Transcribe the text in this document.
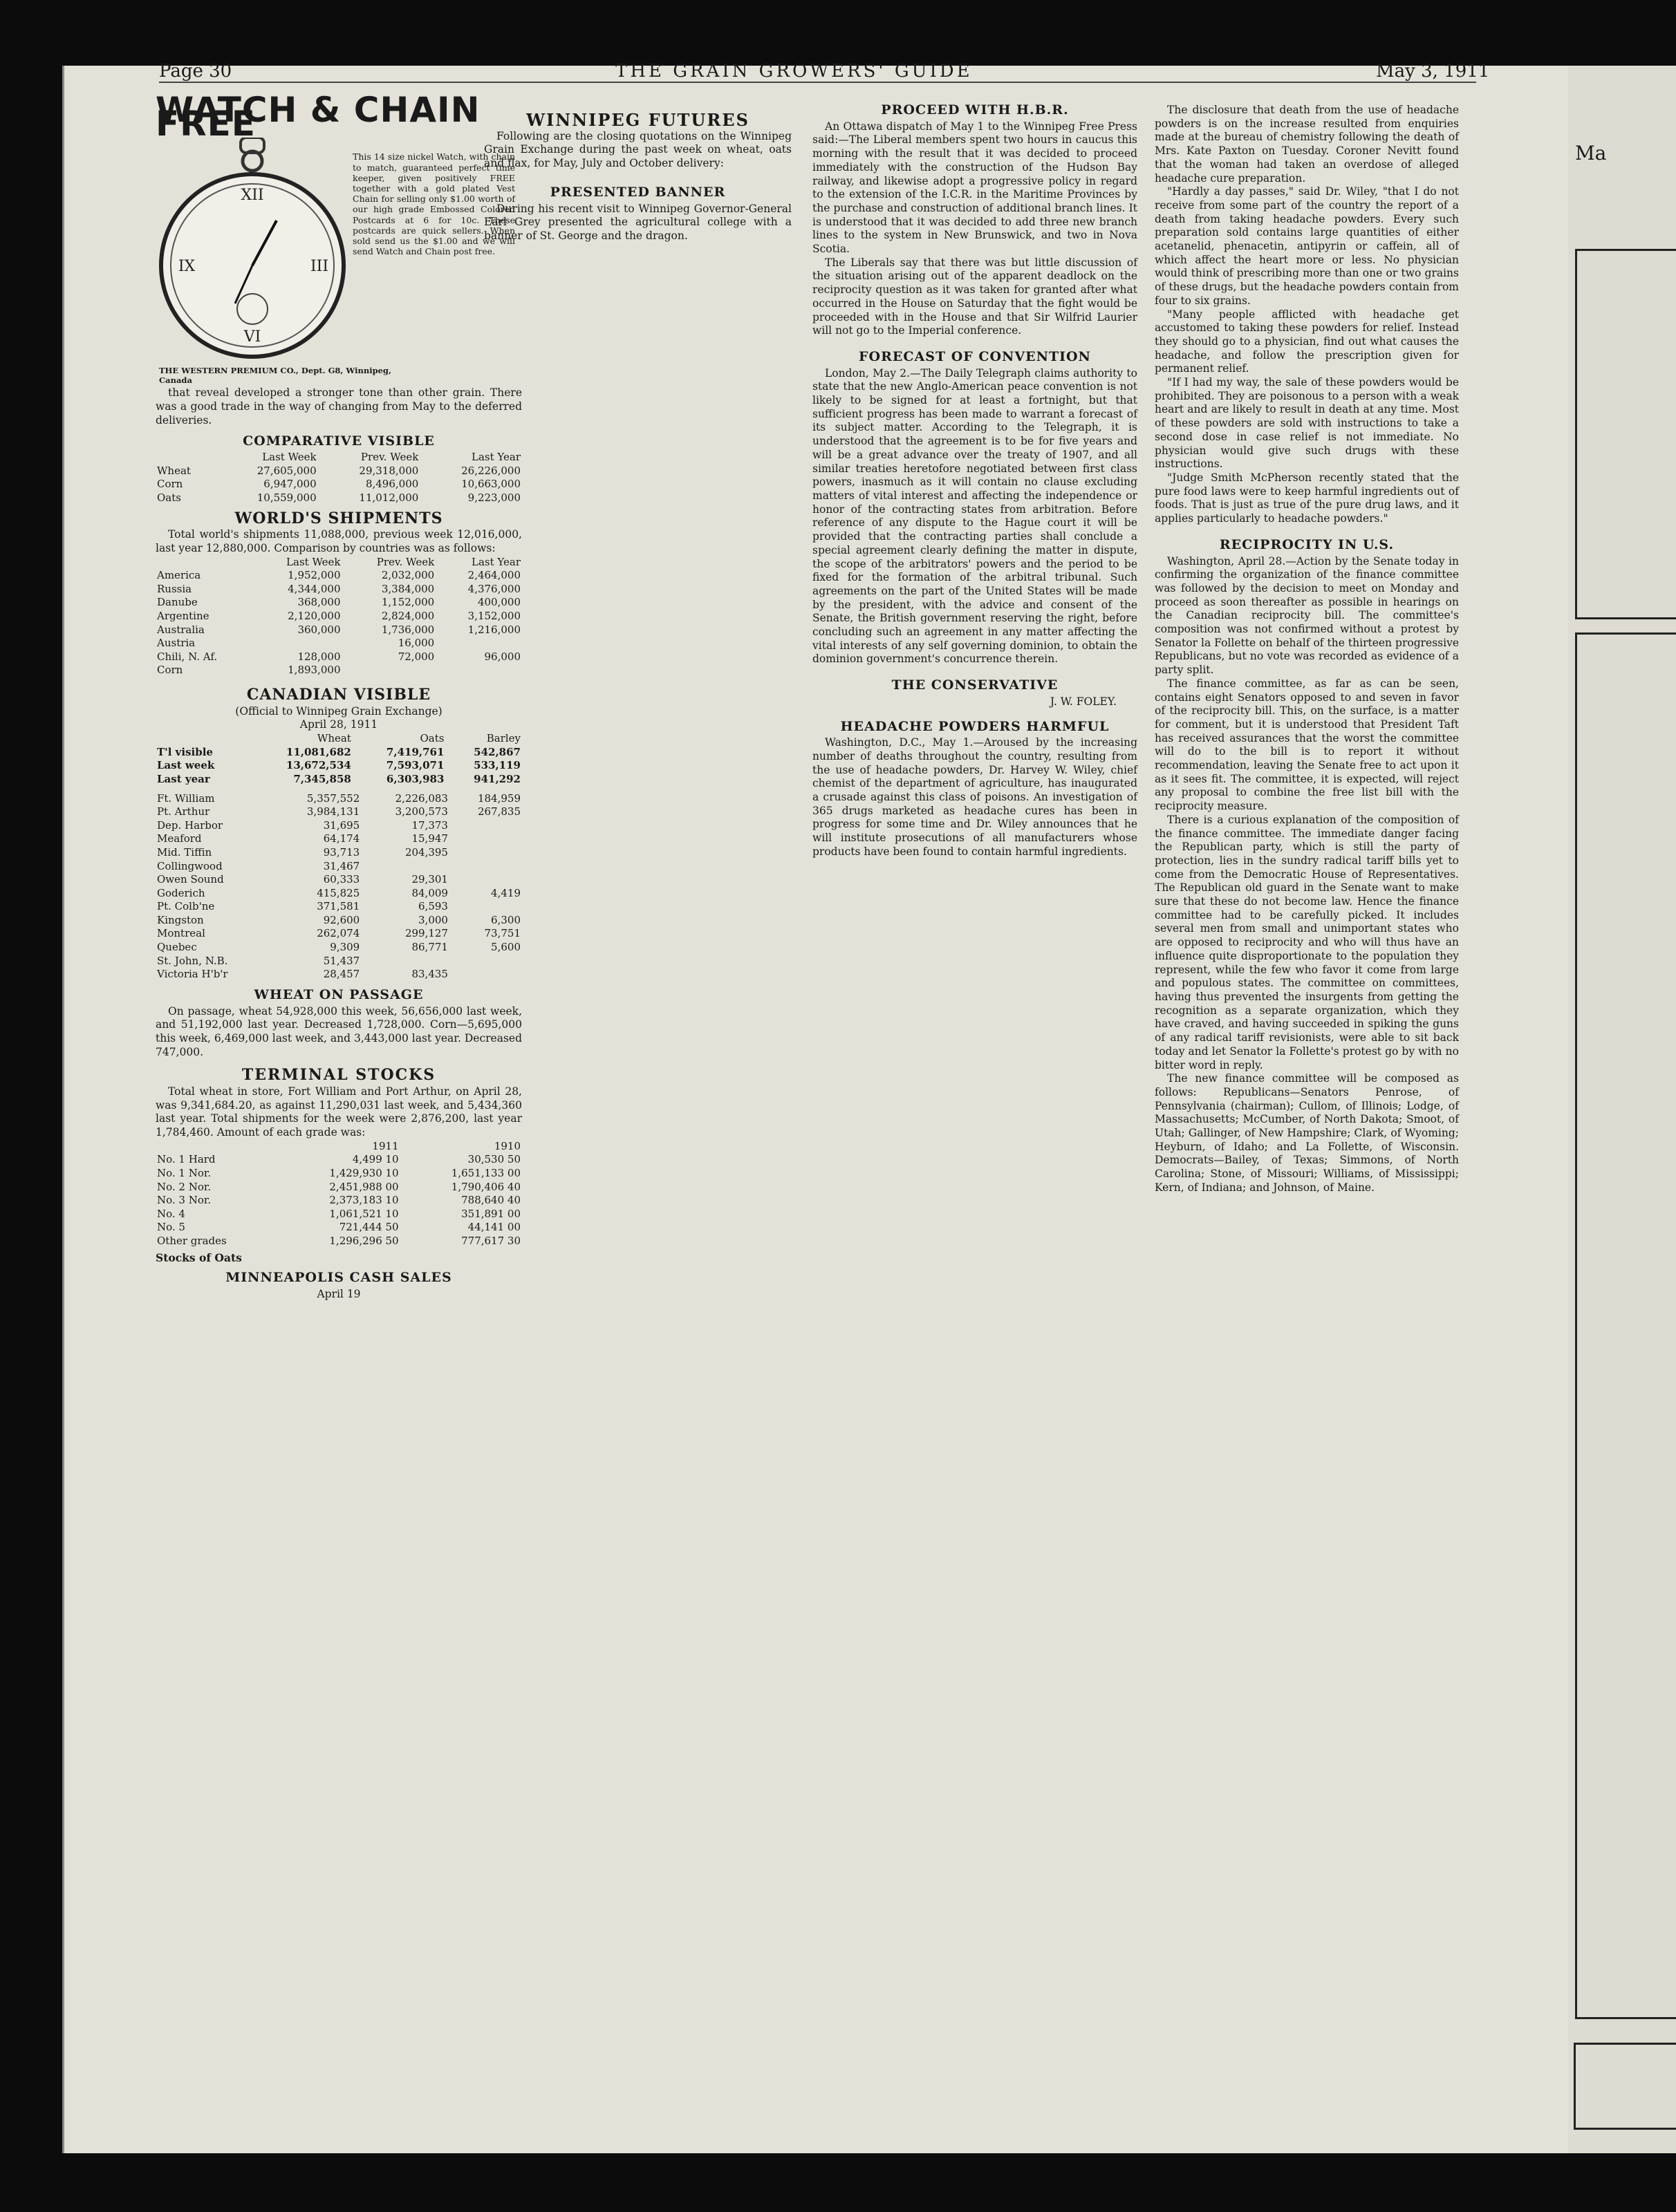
Ma
Page 30	THE GRAIN GROWERS' GUIDE	May 3, 1911
WATCH & CHAIN FREE
XII
III
VI
IX
This 14 size nickel Watch, with chain to match, guaranteed perfect time keeper, given positively FREE together with a gold plated Vest Chain for selling only $1.00 worth of our high grade Embossed Colored Postcards at 6 for 10c. These postcards are quick sellers. When sold send us the $1.00 and we will send Watch and Chain post free.
THE WESTERN PREMIUM CO., Dept. G8, Winnipeg, Canada

that reveal developed a stronger tone than other grain. There was a good trade in the way of changing from May to the deferred deliveries.

COMPARATIVE VISIBLE
	Last Week	Prev. Week	Last Year
Wheat	27,605,000	29,318,000	26,226,000
Corn	6,947,000	8,496,000	10,663,000
Oats	10,559,000	11,012,000	9,223,000
WORLD'S SHIPMENTS

Total world's shipments 11,088,000, previous week 12,016,000, last year 12,880,000. Comparison by countries was as follows:

	Last Week	Prev. Week	Last Year
America	1,952,000	2,032,000	2,464,000
Russia	4,344,000	3,384,000	4,376,000
Danube	368,000	1,152,000	400,000
Argentine	2,120,000	2,824,000	3,152,000
Australia	360,000	1,736,000	1,216,000
Austria		16,000	
Chili, N. Af.	128,000	72,000	96,000
Corn	1,893,000		
CANADIAN VISIBLE
(Official to Winnipeg Grain Exchange)
April 28, 1911
	Wheat	Oats	Barley
T'l visible	11,081,682	7,419,761	542,867
Last week	13,672,534	7,593,071	533,119
Last year	7,345,858	6,303,983	941,292
Ft. William	5,357,552	2,226,083	184,959
Pt. Arthur	3,984,131	3,200,573	267,835
Dep. Harbor	31,695	17,373	
Meaford	64,174	15,947	
Mid. Tiffin	93,713	204,395	
Collingwood	31,467		
Owen Sound	60,333	29,301	
Goderich	415,825	84,009	4,419
Pt. Colb'ne	371,581	6,593	
Kingston	92,600	3,000	6,300
Montreal	262,074	299,127	73,751
Quebec	9,309	86,771	5,600
St. John, N.B.	51,437		
Victoria H'b'r	28,457	83,435	
WHEAT ON PASSAGE

On passage, wheat 54,928,000 this week, 56,656,000 last week, and 51,192,000 last year. Decreased 1,728,000. Corn—5,695,000 this week, 6,469,000 last week, and 3,443,000 last year. Decreased 747,000.

TERMINAL STOCKS

Total wheat in store, Fort William and Port Arthur, on April 28, was 9,341,684.20, as against 11,290,031 last week, and 5,434,360 last year. Total shipments for the week were 2,876,200, last year 1,784,460. Amount of each grade was:

	1911	1910
No. 1 Hard	4,499 10	30,530 50
No. 1 Nor.	1,429,930 10	1,651,133 00
No. 2 Nor.	2,451,988 00	1,790,406 40
No. 3 Nor.	2,373,183 10	788,640 40
No. 4	1,061,521 10	351,891 00
No. 5	721,444 50	44,141 00
Other grades	1,296,296 50	777,617 30
Stocks of Oats
MINNEAPOLIS CASH SALES
April 19
WINNIPEG FUTURES

Following are the closing quotations on the Winnipeg Grain Exchange during the past week on wheat, oats and flax, for May, July and October delivery:

PRESENTED BANNER

During his recent visit to Winnipeg Governor-General Earl Grey presented the agricultural college with a banner of St. George and the dragon.

PROCEED WITH H.B.R.

An Ottawa dispatch of May 1 to the Winnipeg Free Press said:—The Liberal members spent two hours in caucus this morning with the result that it was decided to proceed immediately with the construction of the Hudson Bay railway, and likewise adopt a progressive policy in regard to the extension of the I.C.R. in the Maritime Provinces by the purchase and construction of additional branch lines. It is understood that it was decided to add three new branch lines to the system in New Brunswick, and two in Nova Scotia.

The Liberals say that there was but little discussion of the situation arising out of the apparent deadlock on the reciprocity question as it was taken for granted after what occurred in the House on Saturday that the fight would be proceeded with in the House and that Sir Wilfrid Laurier will not go to the Imperial conference.

FORECAST OF CONVENTION

London, May 2.—The Daily Telegraph claims authority to state that the new Anglo-American peace convention is not likely to be signed for at least a fortnight, but that sufficient progress has been made to warrant a forecast of its subject matter. According to the Telegraph, it is understood that the agreement is to be for five years and will be a great advance over the treaty of 1907, and all similar treaties heretofore negotiated between first class powers, inasmuch as it will contain no clause excluding matters of vital interest and affecting the independence or honor of the contracting states from arbitration. Before reference of any dispute to the Hague court it will be provided that the contracting parties shall conclude a special agreement clearly defining the matter in dispute, the scope of the arbitrators' powers and the period to be fixed for the formation of the arbitral tribunal. Such agreements on the part of the United States will be made by the president, with the advice and consent of the Senate, the British government reserving the right, before concluding such an agreement in any matter affecting the vital interests of any self governing dominion, to obtain the dominion government's concurrence therein.

THE CONSERVATIVE
J. W. FOLEY.
HEADACHE POWDERS HARMFUL

Washington, D.C., May 1.—Aroused by the increasing number of deaths throughout the country, resulting from the use of headache powders, Dr. Harvey W. Wiley, chief chemist of the department of agriculture, has inaugurated a crusade against this class of poisons. An investigation of 365 drugs marketed as headache cures has been in progress for some time and Dr. Wiley announces that he will institute prosecutions of all manufacturers whose products have been found to contain harmful ingredients.

The disclosure that death from the use of headache powders is on the increase resulted from enquiries made at the bureau of chemistry following the death of Mrs. Kate Paxton on Tuesday. Coroner Nevitt found that the woman had taken an overdose of alleged headache cure preparation.

"Hardly a day passes," said Dr. Wiley, "that I do not receive from some part of the country the report of a death from taking headache powders. Every such preparation sold contains large quantities of either acetanelid, phenacetin, antipyrin or caffein, all of which affect the heart more or less. No physician would think of prescribing more than one or two grains of these drugs, but the headache powders contain from four to six grains.

"Many people afflicted with headache get accustomed to taking these powders for relief. Instead they should go to a physician, find out what causes the headache, and follow the prescription given for permanent relief.

"If I had my way, the sale of these powders would be prohibited. They are poisonous to a person with a weak heart and are likely to result in death at any time. Most of these powders are sold with instructions to take a second dose in case relief is not immediate. No physician would give such drugs with these instructions.

"Judge Smith McPherson recently stated that the pure food laws were to keep harmful ingredients out of foods. That is just as true of the pure drug laws, and it applies particularly to headache powders."

RECIPROCITY IN U.S.

Washington, April 28.—Action by the Senate today in confirming the organization of the finance committee was followed by the decision to meet on Monday and proceed as soon thereafter as possible in hearings on the Canadian reciprocity bill. The committee's composition was not confirmed without a protest by Senator la Follette on behalf of the thirteen progressive Republicans, but no vote was recorded as evidence of a party split.

The finance committee, as far as can be seen, contains eight Senators opposed to and seven in favor of the reciprocity bill. This, on the surface, is a matter for comment, but it is understood that President Taft has received assurances that the worst the committee will do to the bill is to report it without recommendation, leaving the Senate free to act upon it as it sees fit. The committee, it is expected, will reject any proposal to combine the free list bill with the reciprocity measure.

There is a curious explanation of the composition of the finance committee. The immediate danger facing the Republican party, which is still the party of protection, lies in the sundry radical tariff bills yet to come from the Democratic House of Representatives. The Republican old guard in the Senate want to make sure that these do not become law. Hence the finance committee had to be carefully picked. It includes several men from small and unimportant states who are opposed to reciprocity and who will thus have an influence quite disproportionate to the population they represent, while the few who favor it come from large and populous states. The committee on committees, having thus prevented the insurgents from getting the recognition as a separate organization, which they have craved, and having succeeded in spiking the guns of any radical tariff revisionists, were able to sit back today and let Senator la Follette's protest go by with no bitter word in reply.

The new finance committee will be composed as follows: Republicans—Senators Penrose, of Pennsylvania (chairman); Cullom, of Illinois; Lodge, of Massachusetts; McCumber, of North Dakota; Smoot, of Utah; Gallinger, of New Hampshire; Clark, of Wyoming; Heyburn, of Idaho; and La Follette, of Wisconsin. Democrats—Bailey, of Texas; Simmons, of North Carolina; Stone, of Missouri; Williams, of Mississippi; Kern, of Indiana; and Johnson, of Maine.
